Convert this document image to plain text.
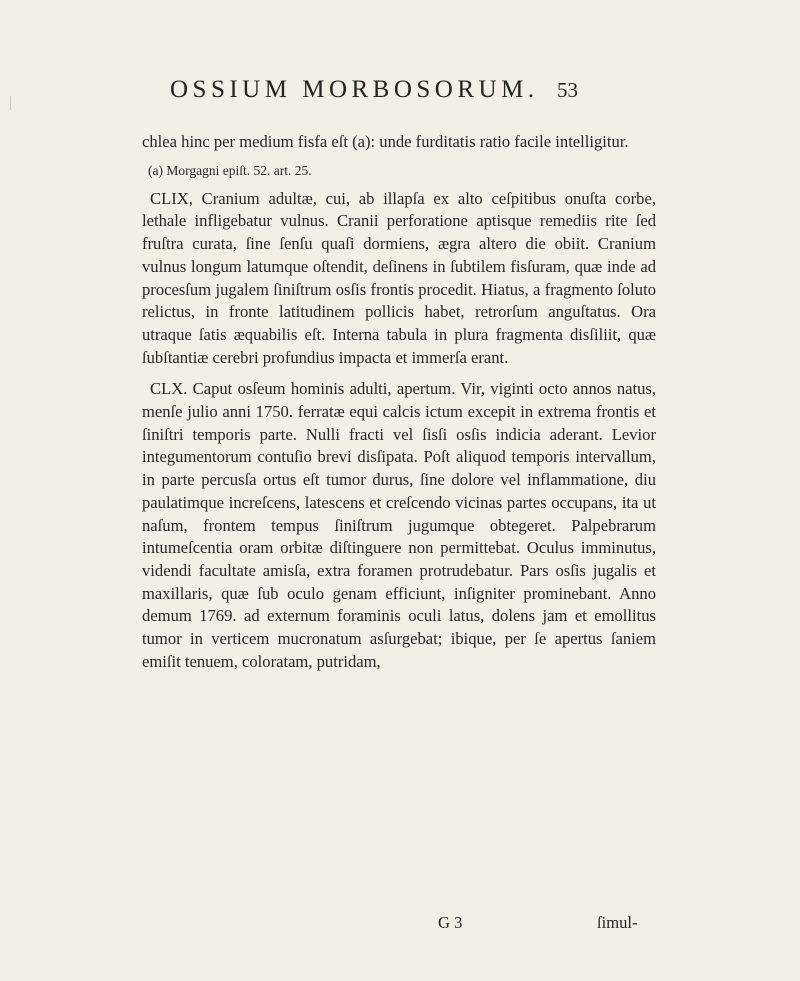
OSSIUM MORBOSORUM. 53

chlea hinc per medium fisfa eſt (a): unde furditatis ratio facile intelligitur.

(a) Morgagni epiſt. 52. art. 25.

CLIX, Cranium adultæ, cui, ab illapſa ex alto ceſpitibus onuſta corbe, lethale infligebatur vulnus. Cranii perforatione aptisque remediis rite ſed fruſtra curata, ſine ſenſu quaſi dormiens, ægra altero die obiit. Cranium vulnus longum latumque oſtendit, deſinens in ſubtilem fisſuram, quæ inde ad procesſum jugalem ſiniſtrum osſis frontis procedit. Hiatus, a fragmento ſoluto relictus, in fronte latitudinem pollicis habet, retrorſum anguſtatus. Ora utraque ſatis æquabilis eſt. Interna tabula in plura fragmenta disſiliit, quæ ſubſtantiæ cerebri profundius impacta et immerſa erant.

CLX. Caput osſeum hominis adulti, apertum. Vir, viginti octo annos natus, menſe julio anni 1750. ferratæ equi calcis ictum excepit in extrema frontis et ſiniſtri temporis parte. Nulli fracti vel ſisſi osſis indicia aderant. Levior integumentorum contuſio brevi disſipata. Poſt aliquod temporis intervallum, in parte percusſa ortus eſt tumor durus, ſine dolore vel inflammatione, diu paulatimque increſcens, latescens et creſcendo vicinas partes occupans, ita ut naſum, frontem tempus ſiniſtrum jugumque obtegeret. Palpebrarum intumeſcentia oram orbitæ diſtinguere non permittebat. Oculus imminutus, videndi facultate amisſa, extra foramen protrudebatur. Pars osſis jugalis et maxillaris, quæ ſub oculo genam efficiunt, inſigniter prominebant. Anno demum 1769. ad externum foraminis oculi latus, dolens jam et emollitus tumor in verticem mucronatum asſurgebat; ibique, per ſe apertus ſaniem emiſit tenuem, coloratam, putridam,

G 3	ſimul-
